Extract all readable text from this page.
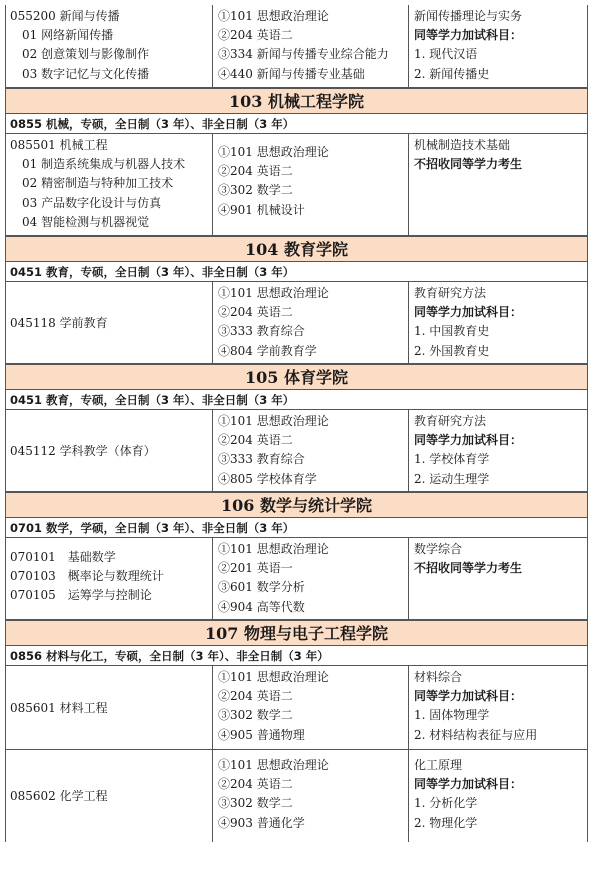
055200 新闻与传播
01 网络新闻传播
02 创意策划与影像制作
03 数字记忆与文化传播
①101 思想政治理论
②204 英语二
③334 新闻与传播专业综合能力
④440 新闻与传播专业基础
新闻传播理论与实务
同等学力加试科目：
1. 现代汉语
2. 新闻传播史
103 机械工程学院
0855 机械，专硕，全日制（3 年）、非全日制（3 年）
085501 机械工程
01 制造系统集成与机器人技术
02 精密制造与特种加工技术
03 产品数字化设计与仿真
04 智能检测与机器视觉
①101 思想政治理论
②204 英语二
③302 数学二
④901 机械设计
机械制造技术基础
不招收同等学力考生
104 教育学院
0451 教育，专硕，全日制（3 年）、非全日制（3 年）
045118 学前教育
①101 思想政治理论
②204 英语二
③333 教育综合
④804 学前教育学
教育研究方法
同等学力加试科目：
1. 中国教育史
2. 外国教育史
105 体育学院
0451 教育，专硕，全日制（3 年）、非全日制（3 年）
045112 学科教学（体育）
①101 思想政治理论
②204 英语二
③333 教育综合
④805 学校体育学
教育研究方法
同等学力加试科目：
1. 学校体育学
2. 运动生理学
106 数学与统计学院
0701 数学，学硕，全日制（3 年）、非全日制（3 年）
070101　基础数学
070103　概率论与数理统计
070105　运筹学与控制论
①101 思想政治理论
②201 英语一
③601 数学分析
④904 高等代数
数学综合
不招收同等学力考生
107 物理与电子工程学院
0856 材料与化工，专硕，全日制（3 年）、非全日制（3 年）
085601 材料工程
①101 思想政治理论
②204 英语二
③302 数学二
④905 普通物理
材料综合
同等学力加试科目：
1. 固体物理学
2. 材料结构表征与应用
085602 化学工程
①101 思想政治理论
②204 英语二
③302 数学二
④903 普通化学
化工原理
同等学力加试科目：
1. 分析化学
2. 物理化学
